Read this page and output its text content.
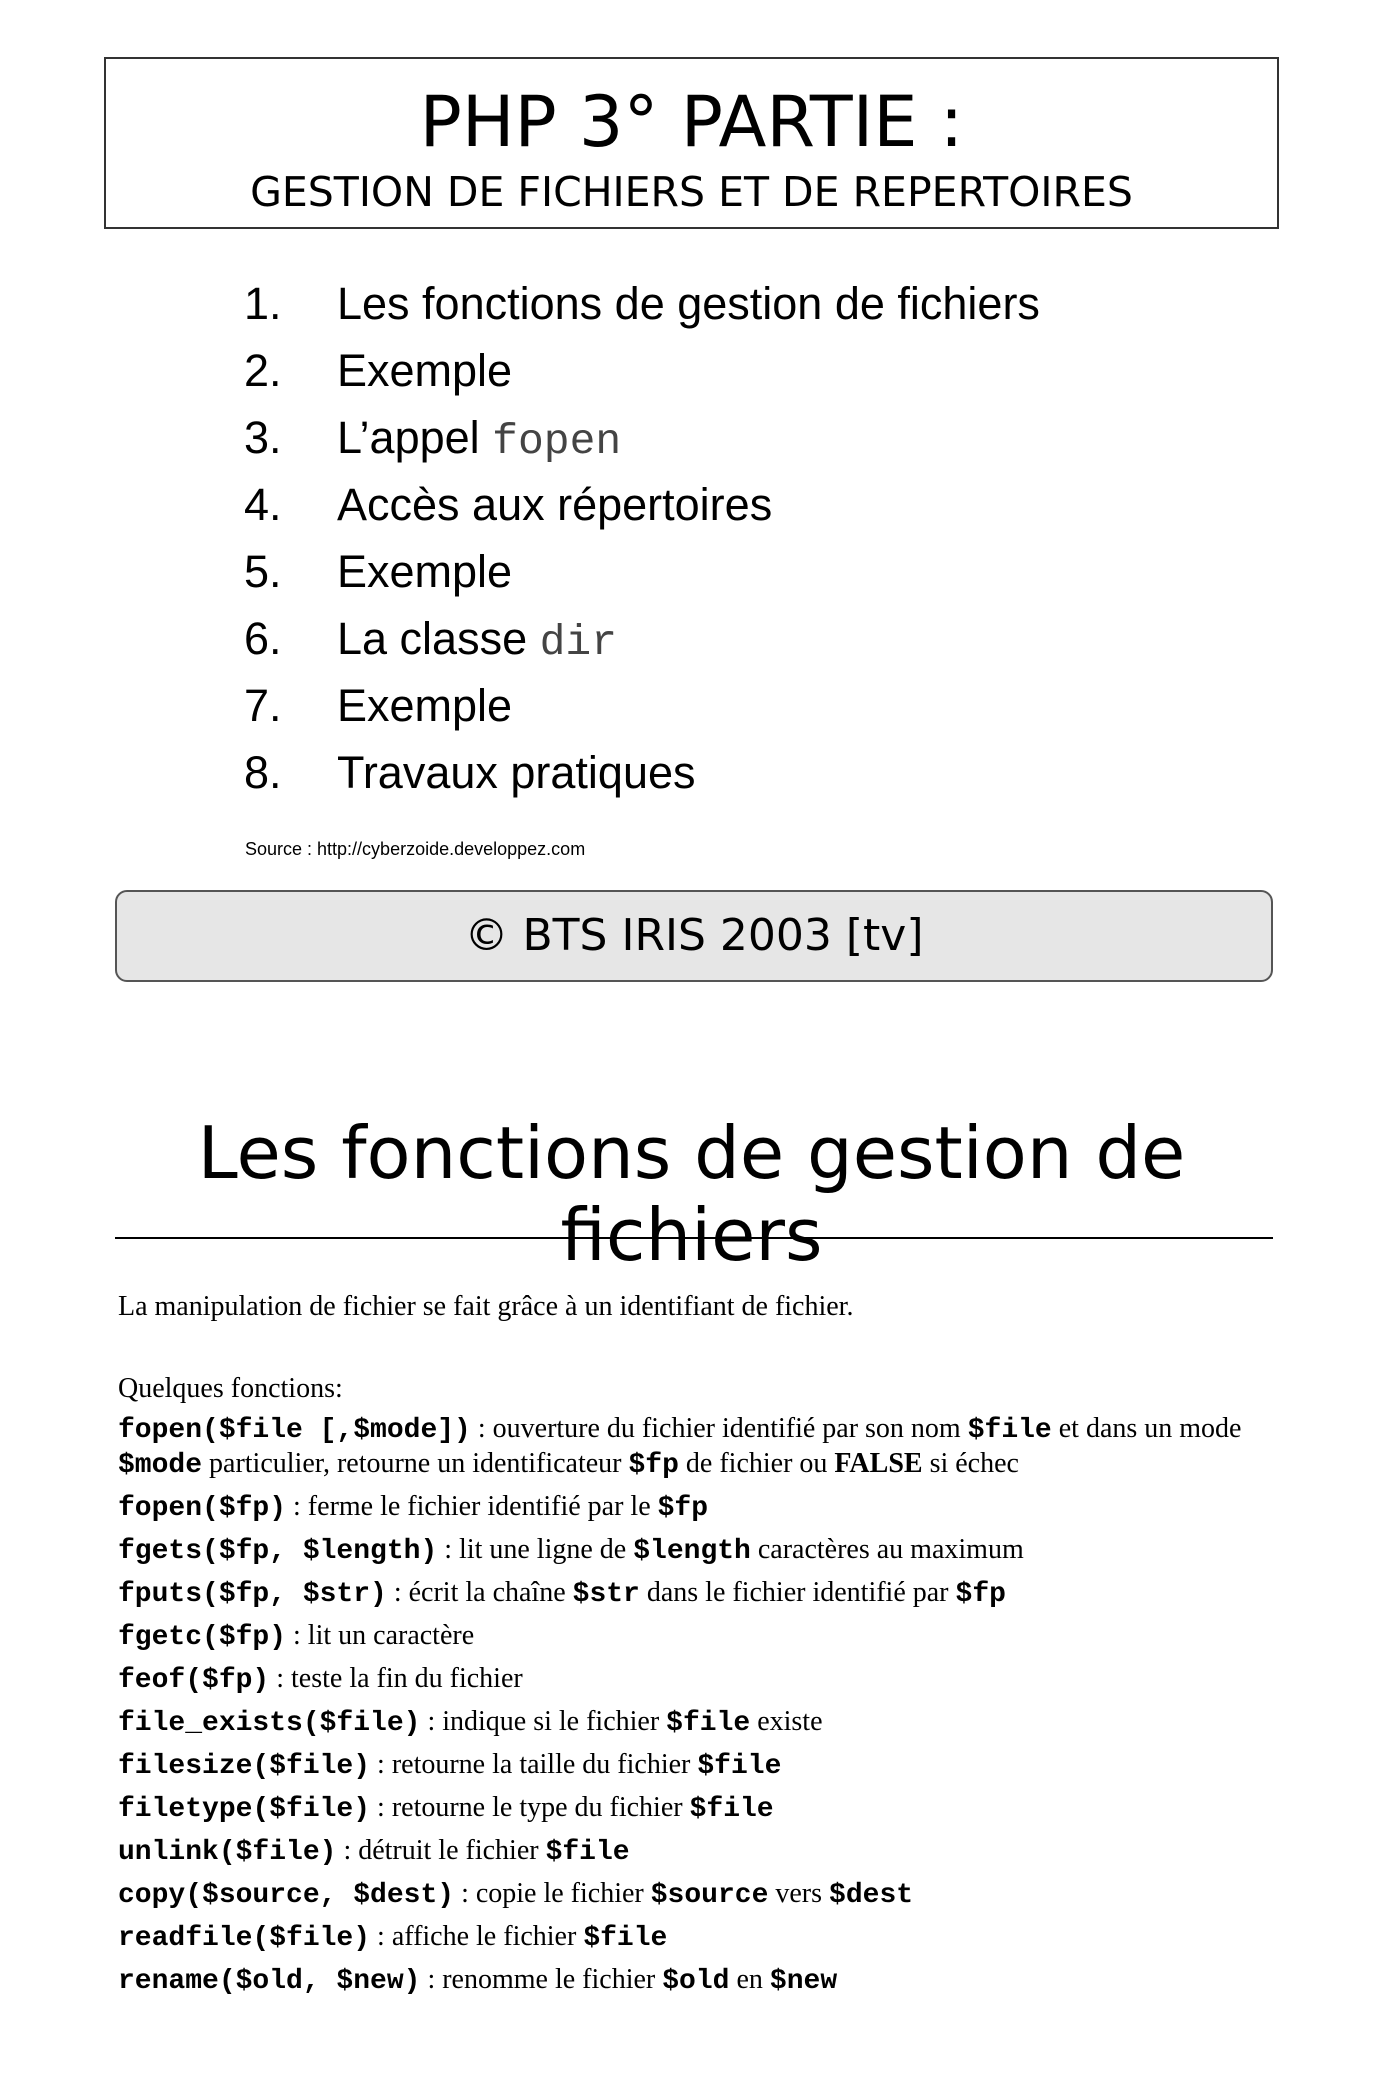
PHP 3° PARTIE :
GESTION DE FICHIERS ET DE REPERTOIRES
1. Les fonctions de gestion de fichiers
2. Exemple
3. L’appel fopen
4. Accès aux répertoires
5. Exemple
6. La classe dir
7. Exemple
8. Travaux pratiques
Source : http://cyberzoide.developpez.com
© BTS IRIS 2003 [tv]
Les fonctions de gestion de fichiers
La manipulation de fichier se fait grâce à un identifiant de fichier.
Quelques fonctions:
fopen($file [,$mode]) : ouverture du fichier identifié par son nom $file et dans un mode $mode particulier, retourne un identificateur $fp de fichier ou FALSE si échec
fopen($fp) : ferme le fichier identifié par le $fp
fgets($fp, $length) : lit une ligne de $length caractères au maximum
fputs($fp, $str) : écrit la chaîne $str dans le fichier identifié par $fp
fgetc($fp) : lit un caractère
feof($fp) : teste la fin du fichier
file_exists($file) : indique si le fichier $file existe
filesize($file) : retourne la taille du fichier $file
filetype($file) : retourne le type du fichier $file
unlink($file) : détruit le fichier $file
copy($source, $dest) : copie le fichier $source vers $dest
readfile($file) : affiche le fichier $file
rename($old, $new) : renomme le fichier $old en $new
